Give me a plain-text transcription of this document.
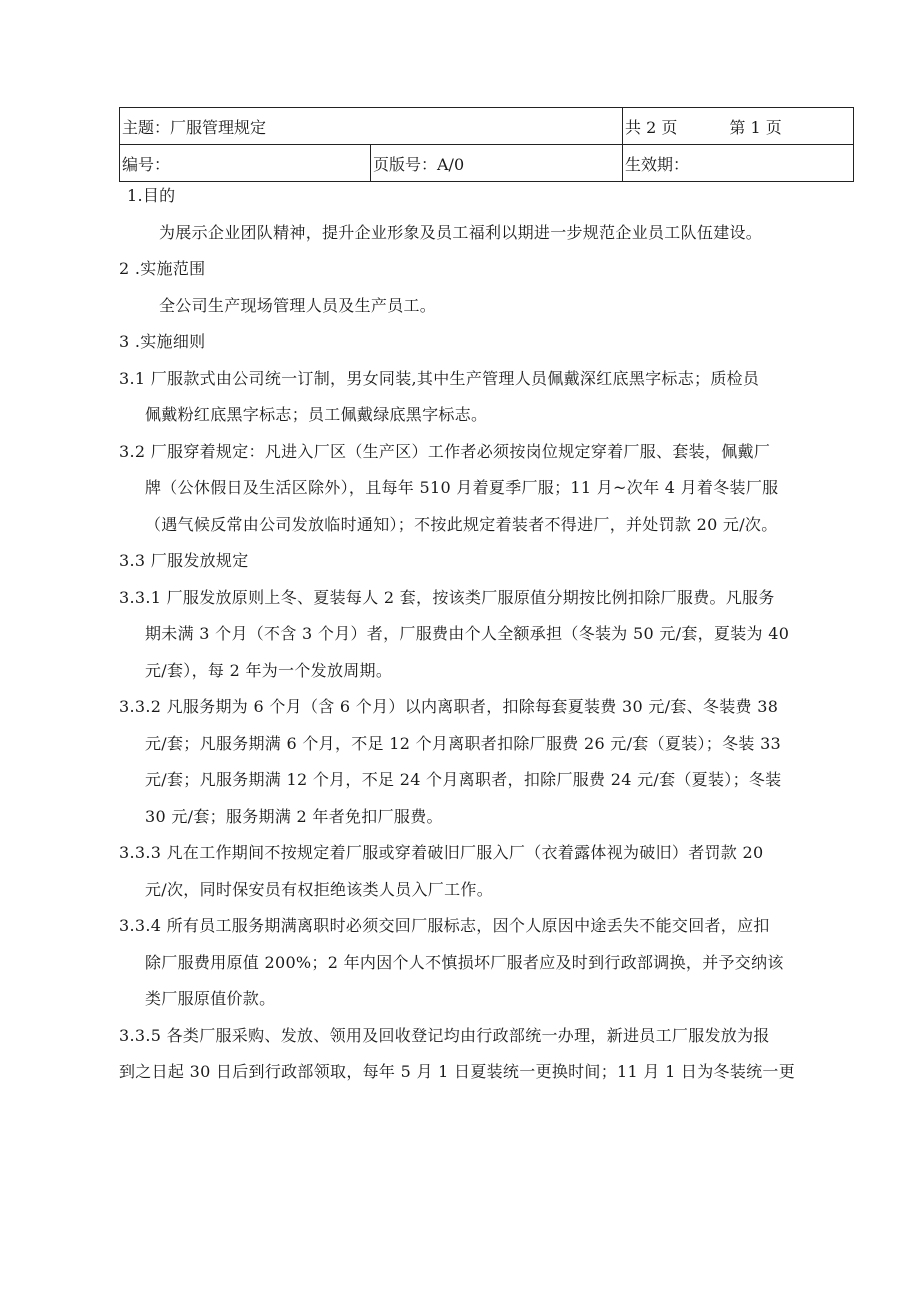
主题：厂服管理规定		共 2 页 第 1 页
编号：	页版号：A/0	生效期：
1.目的
为展示企业团队精神，提升企业形象及员工福利以期进一步规范企业员工队伍建设。
2 .实施范围
全公司生产现场管理人员及生产员工。
3 .实施细则
3.1 厂服款式由公司统一订制，男女同装,其中生产管理人员佩戴深红底黑字标志；质检员
佩戴粉红底黑字标志；员工佩戴绿底黑字标志。
3.2 厂服穿着规定：凡进入厂区（生产区）工作者必须按岗位规定穿着厂服、套装，佩戴厂
牌（公休假日及生活区除外），且每年 510 月着夏季厂服；11 月~次年 4 月着冬装厂服
（遇气候反常由公司发放临时通知）；不按此规定着装者不得进厂，并处罚款 20 元/次。
3.3 厂服发放规定
3.3.1 厂服发放原则上冬、夏装每人 2 套，按该类厂服原值分期按比例扣除厂服费。凡服务
期未满 3 个月（不含 3 个月）者，厂服费由个人全额承担（冬装为 50 元/套，夏装为 40
元/套），每 2 年为一个发放周期。
3.3.2 凡服务期为 6 个月（含 6 个月）以内离职者，扣除每套夏装费 30 元/套、冬装费 38
元/套；凡服务期满 6 个月，不足 12 个月离职者扣除厂服费 26 元/套（夏装）；冬装 33
元/套；凡服务期满 12 个月，不足 24 个月离职者，扣除厂服费 24 元/套（夏装）；冬装
30 元/套；服务期满 2 年者免扣厂服费。
3.3.3 凡在工作期间不按规定着厂服或穿着破旧厂服入厂（衣着露体视为破旧）者罚款 20
元/次，同时保安员有权拒绝该类人员入厂工作。
3.3.4 所有员工服务期满离职时必须交回厂服标志，因个人原因中途丢失不能交回者，应扣
除厂服费用原值 200%；2 年内因个人不慎损坏厂服者应及时到行政部调换，并予交纳该
类厂服原值价款。
3.3.5 各类厂服采购、发放、领用及回收登记均由行政部统一办理，新进员工厂服发放为报
到之日起 30 日后到行政部领取，每年 5 月 1 日夏装统一更换时间；11 月 1 日为冬装统一更
